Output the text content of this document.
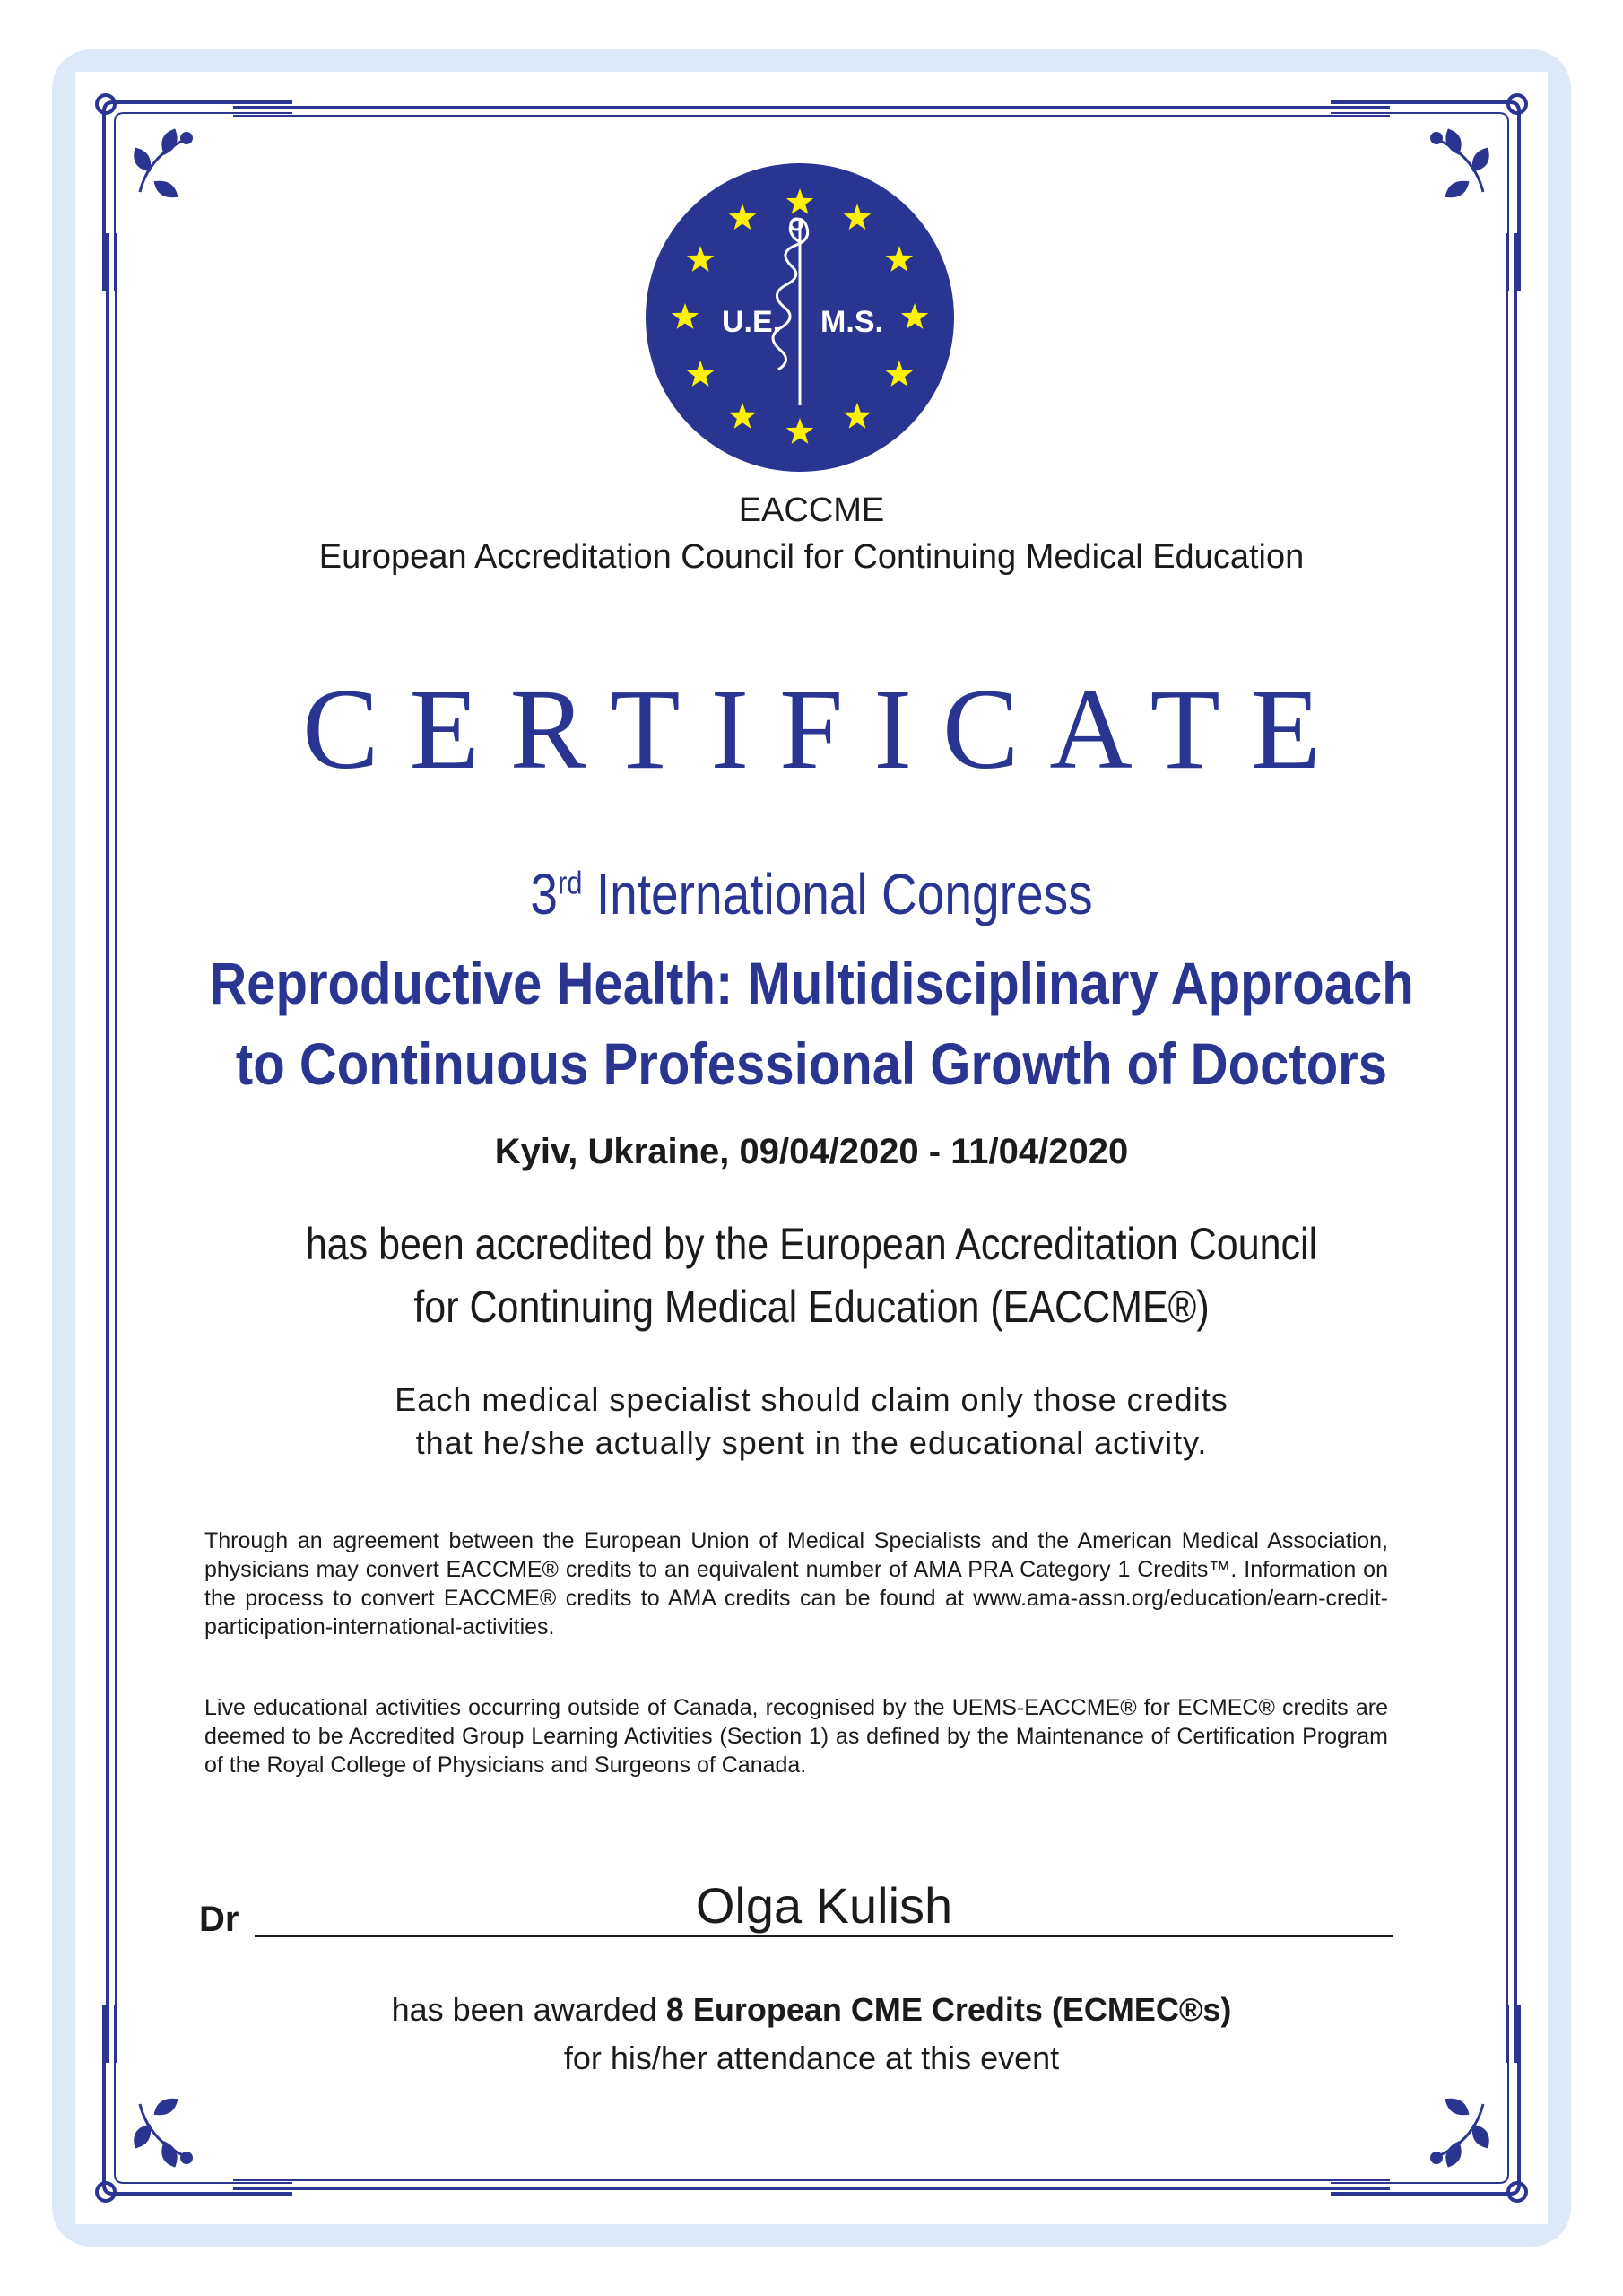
U.E. M.S.
EACCME
European Accreditation Council for Continuing Medical Education
CERTIFICATE
3rd International Congress
Reproductive Health: Multidisciplinary Approach
to Continuous Professional Growth of Doctors
Kyiv, Ukraine, 09/04/2020 - 11/04/2020
has been accredited by the European Accreditation Council
for Continuing Medical Education (EACCME®)
Each medical specialist should claim only those credits
that he/she actually spent in the educational activity.
Through an agreement between the European Union of Medical Specialists and the American Medical Association, physicians may convert EACCME® credits to an equivalent number of AMA PRA Category 1 Credits™. Information on the process to convert EACCME® credits to AMA credits can be found at www.ama-assn.org/education/earn-credit-participation-international-activities.
Live educational activities occurring outside of Canada, recognised by the UEMS-EACCME® for ECMEC® credits are deemed to be Accredited Group Learning Activities (Section 1) as defined by the Maintenance of Certification Program of the Royal College of Physicians and Surgeons of Canada.
Dr	Olga Kulish
has been awarded 8 European CME Credits (ECMEC®s)
for his/her attendance at this event
